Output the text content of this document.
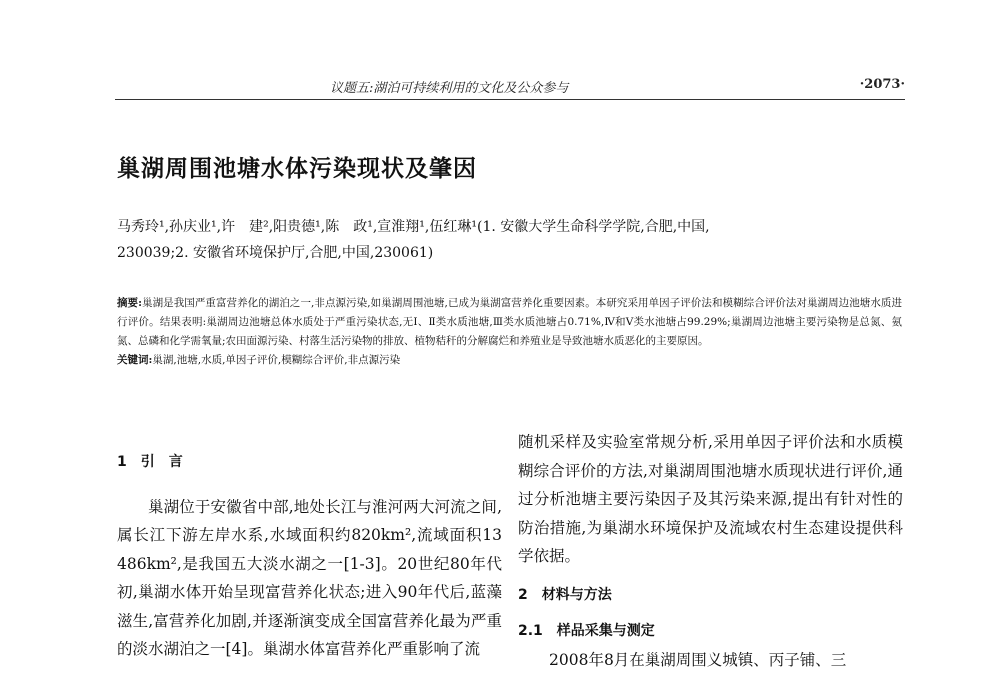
议题五:湖泊可持续利用的文化及公众参与	·2073·
巢湖周围池塘水体污染现状及肇因
马秀玲¹,孙庆业¹,许　建²,阳贵德¹,陈　政¹,宣淮翔¹,伍红琳¹(1. 安徽大学生命科学学院,合肥,中国,
230039;2. 安徽省环境保护厅,合肥,中国,230061)
摘要:巢湖是我国严重富营养化的湖泊之一,非点源污染,如巢湖周围池塘,已成为巢湖富营养化重要因素。本研究采用单因子评价法和模糊综合评价法对巢湖周边池塘水质进行评价。结果表明:巢湖周边池塘总体水质处于严重污染状态,无Ⅰ、Ⅱ类水质池塘,Ⅲ类水质池塘占0.71%,Ⅳ和Ⅴ类水池塘占99.29%;巢湖周边池塘主要污染物是总氮、氨氮、总磷和化学需氧量;农田面源污染、村落生活污染物的排放、植物秸秆的分解腐烂和养殖业是导致池塘水质恶化的主要原因。
关键词:巢湖,池塘,水质,单因子评价,模糊综合评价,非点源污染

1　引　言

巢湖位于安徽省中部,地处长江与淮河两大河流之间,属长江下游左岸水系,水域面积约820km²,流域面积13 486km²,是我国五大淡水湖之一[1-3]。20世纪80年代初,巢湖水体开始呈现富营养化状态;进入90年代后,蓝藻滋生,富营养化加剧,并逐渐演变成全国富营养化最为严重的淡水湖泊之一[4]。巢湖水体富营养化严重影响了流

随机采样及实验室常规分析,采用单因子评价法和水质模糊综合评价的方法,对巢湖周围池塘水质现状进行评价,通过分析池塘主要污染因子及其污染来源,提出有针对性的防治措施,为巢湖水环境保护及流域农村生态建设提供科学依据。

2　材料与方法

2.1　样品采集与测定

2008年8月在巢湖周围义城镇、丙子铺、三
